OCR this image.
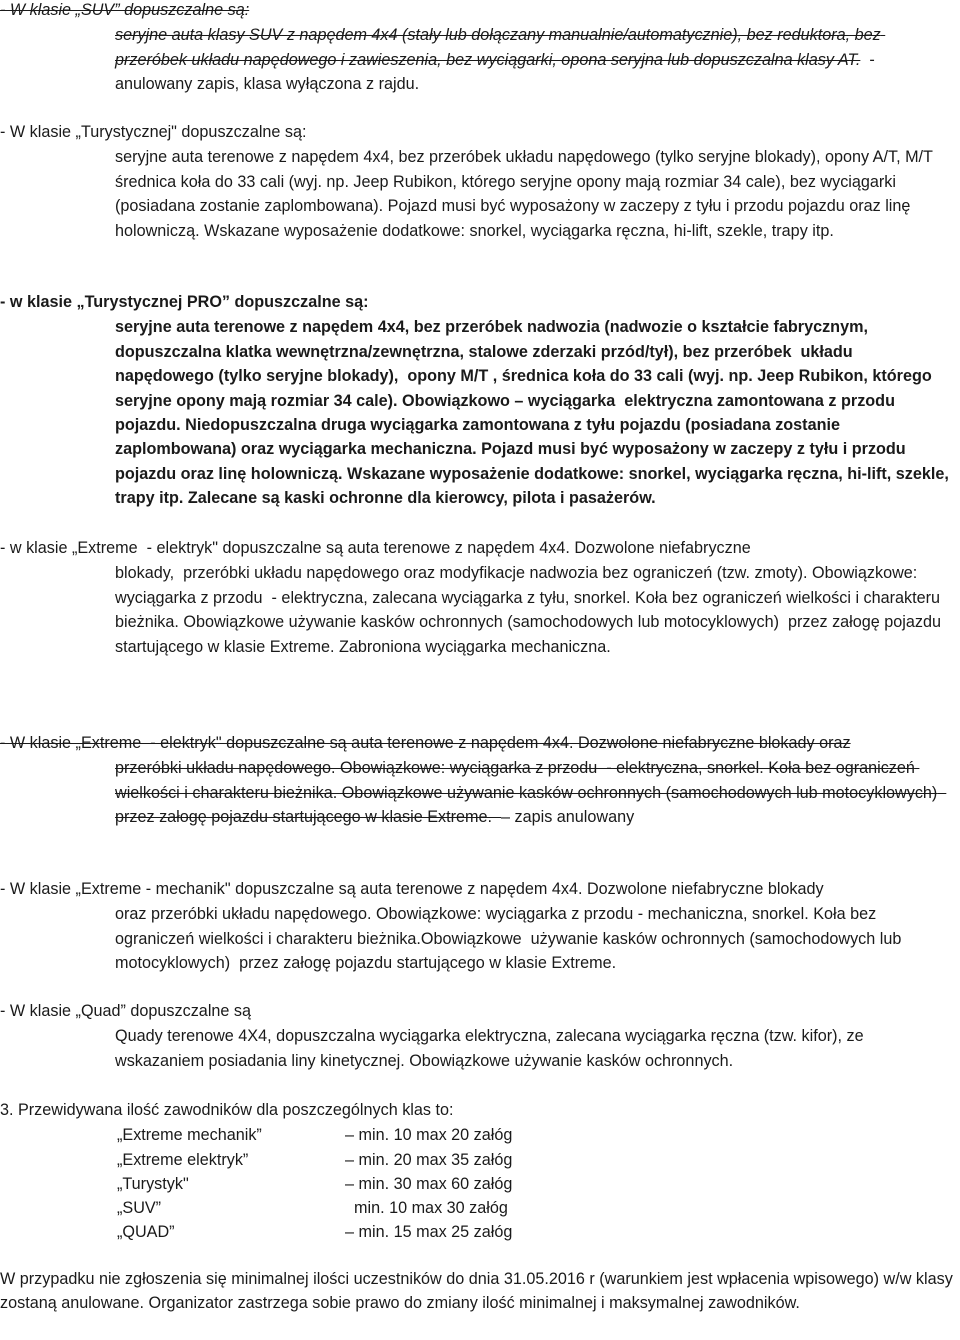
- W klasie „SUV” dopuszczalne są:

seryjne auta klasy SUV z napędem 4x4 (stały lub dołączany manualnie/automatycznie), bez reduktora, bez przeróbek układu napędowego i zawieszenia, bez wyciągarki, opona seryjna lub dopuszczalna klasy AT.  - anulowany zapis, klasa wyłączona z rajdu.

- W klasie „Turystycznej" dopuszczalne są:

seryjne auta terenowe z napędem 4x4, bez przeróbek układu napędowego (tylko seryjne blokady), opony A/T, M/T średnica koła do 33 cali (wyj. np. Jeep Rubikon, którego seryjne opony mają rozmiar 34 cale), bez wyciągarki (posiadana zostanie zaplombowana). Pojazd musi być wyposażony w zaczepy z tyłu i przodu pojazdu oraz linę holowniczą. Wskazane wyposażenie dodatkowe: snorkel, wyciągarka ręczna, hi-lift, szekle, trapy itp.

- w klasie „Turystycznej PRO” dopuszczalne są:

seryjne auta terenowe z napędem 4x4, bez przeróbek nadwozia (nadwozie o kształcie fabrycznym, dopuszczalna klatka wewnętrzna/zewnętrzna, stalowe zderzaki przód/tył), bez przeróbek  układu napędowego (tylko seryjne blokady),  opony M/T , średnica koła do 33 cali (wyj. np. Jeep Rubikon, którego seryjne opony mają rozmiar 34 cale). Obowiązkowo – wyciągarka  elektryczna zamontowana z przodu pojazdu. Niedopuszczalna druga wyciągarka zamontowana z tyłu pojazdu (posiadana zostanie zaplombowana) oraz wyciągarka mechaniczna. Pojazd musi być wyposażony w zaczepy z tyłu i przodu pojazdu oraz linę holowniczą. Wskazane wyposażenie dodatkowe: snorkel, wyciągarka ręczna, hi-lift, szekle, trapy itp. Zalecane są kaski ochronne dla kierowcy, pilota i pasażerów.

- w klasie „Extreme  - elektryk" dopuszczalne są auta terenowe z napędem 4x4. Dozwolone niefabryczne

blokady,  przeróbki układu napędowego oraz modyfikacje nadwozia bez ograniczeń (tzw. zmoty). Obowiązkowe: wyciągarka z przodu  - elektryczna, zalecana wyciągarka z tyłu, snorkel. Koła bez ograniczeń wielkości i charakteru bieżnika. Obowiązkowe używanie kasków ochronnych (samochodowych lub motocyklowych)  przez załogę pojazdu startującego w klasie Extreme. Zabroniona wyciągarka mechaniczna.

- W klasie „Extreme  - elektryk" dopuszczalne są auta terenowe z napędem 4x4. Dozwolone niefabryczne blokady oraz

przeróbki układu napędowego. Obowiązkowe: wyciągarka z przodu  - elektryczna, snorkel. Koła bez ograniczeń wielkości i charakteru bieżnika. Obowiązkowe używanie kasków ochronnych (samochodowych lub motocyklowych)  przez załogę pojazdu startującego w klasie Extreme.  – zapis anulowany

- W klasie „Extreme - mechanik" dopuszczalne są auta terenowe z napędem 4x4. Dozwolone niefabryczne blokady

oraz przeróbki układu napędowego. Obowiązkowe: wyciągarka z przodu - mechaniczna, snorkel. Koła bez ograniczeń wielkości i charakteru bieżnika.Obowiązkowe  używanie kasków ochronnych (samochodowych lub motocyklowych)  przez załogę pojazdu startującego w klasie Extreme.

- W klasie „Quad” dopuszczalne są

Quady terenowe 4X4, dopuszczalna wyciągarka elektryczna, zalecana wyciągarka ręczna (tzw. kifor), ze wskazaniem posiadania liny kinetycznej. Obowiązkowe używanie kasków ochronnych.

3. Przewidywana ilość zawodników dla poszczególnych klas to:

„Extreme mechanik”	– min. 10 max 20 załóg
„Extreme elektryk”	– min. 20 max 35 załóg
„Turystyk"	– min. 30 max 60 załóg
„SUV”	min. 10 max 30 załóg
„QUAD”	– min. 15 max 25 załóg

W przypadku nie zgłoszenia się minimalnej ilości uczestników do dnia 31.05.2016 r (warunkiem jest wpłacenia wpisowego) w/w klasy zostaną anulowane. Organizator zastrzega sobie prawo do zmiany ilość minimalnej i maksymalnej zawodników.
